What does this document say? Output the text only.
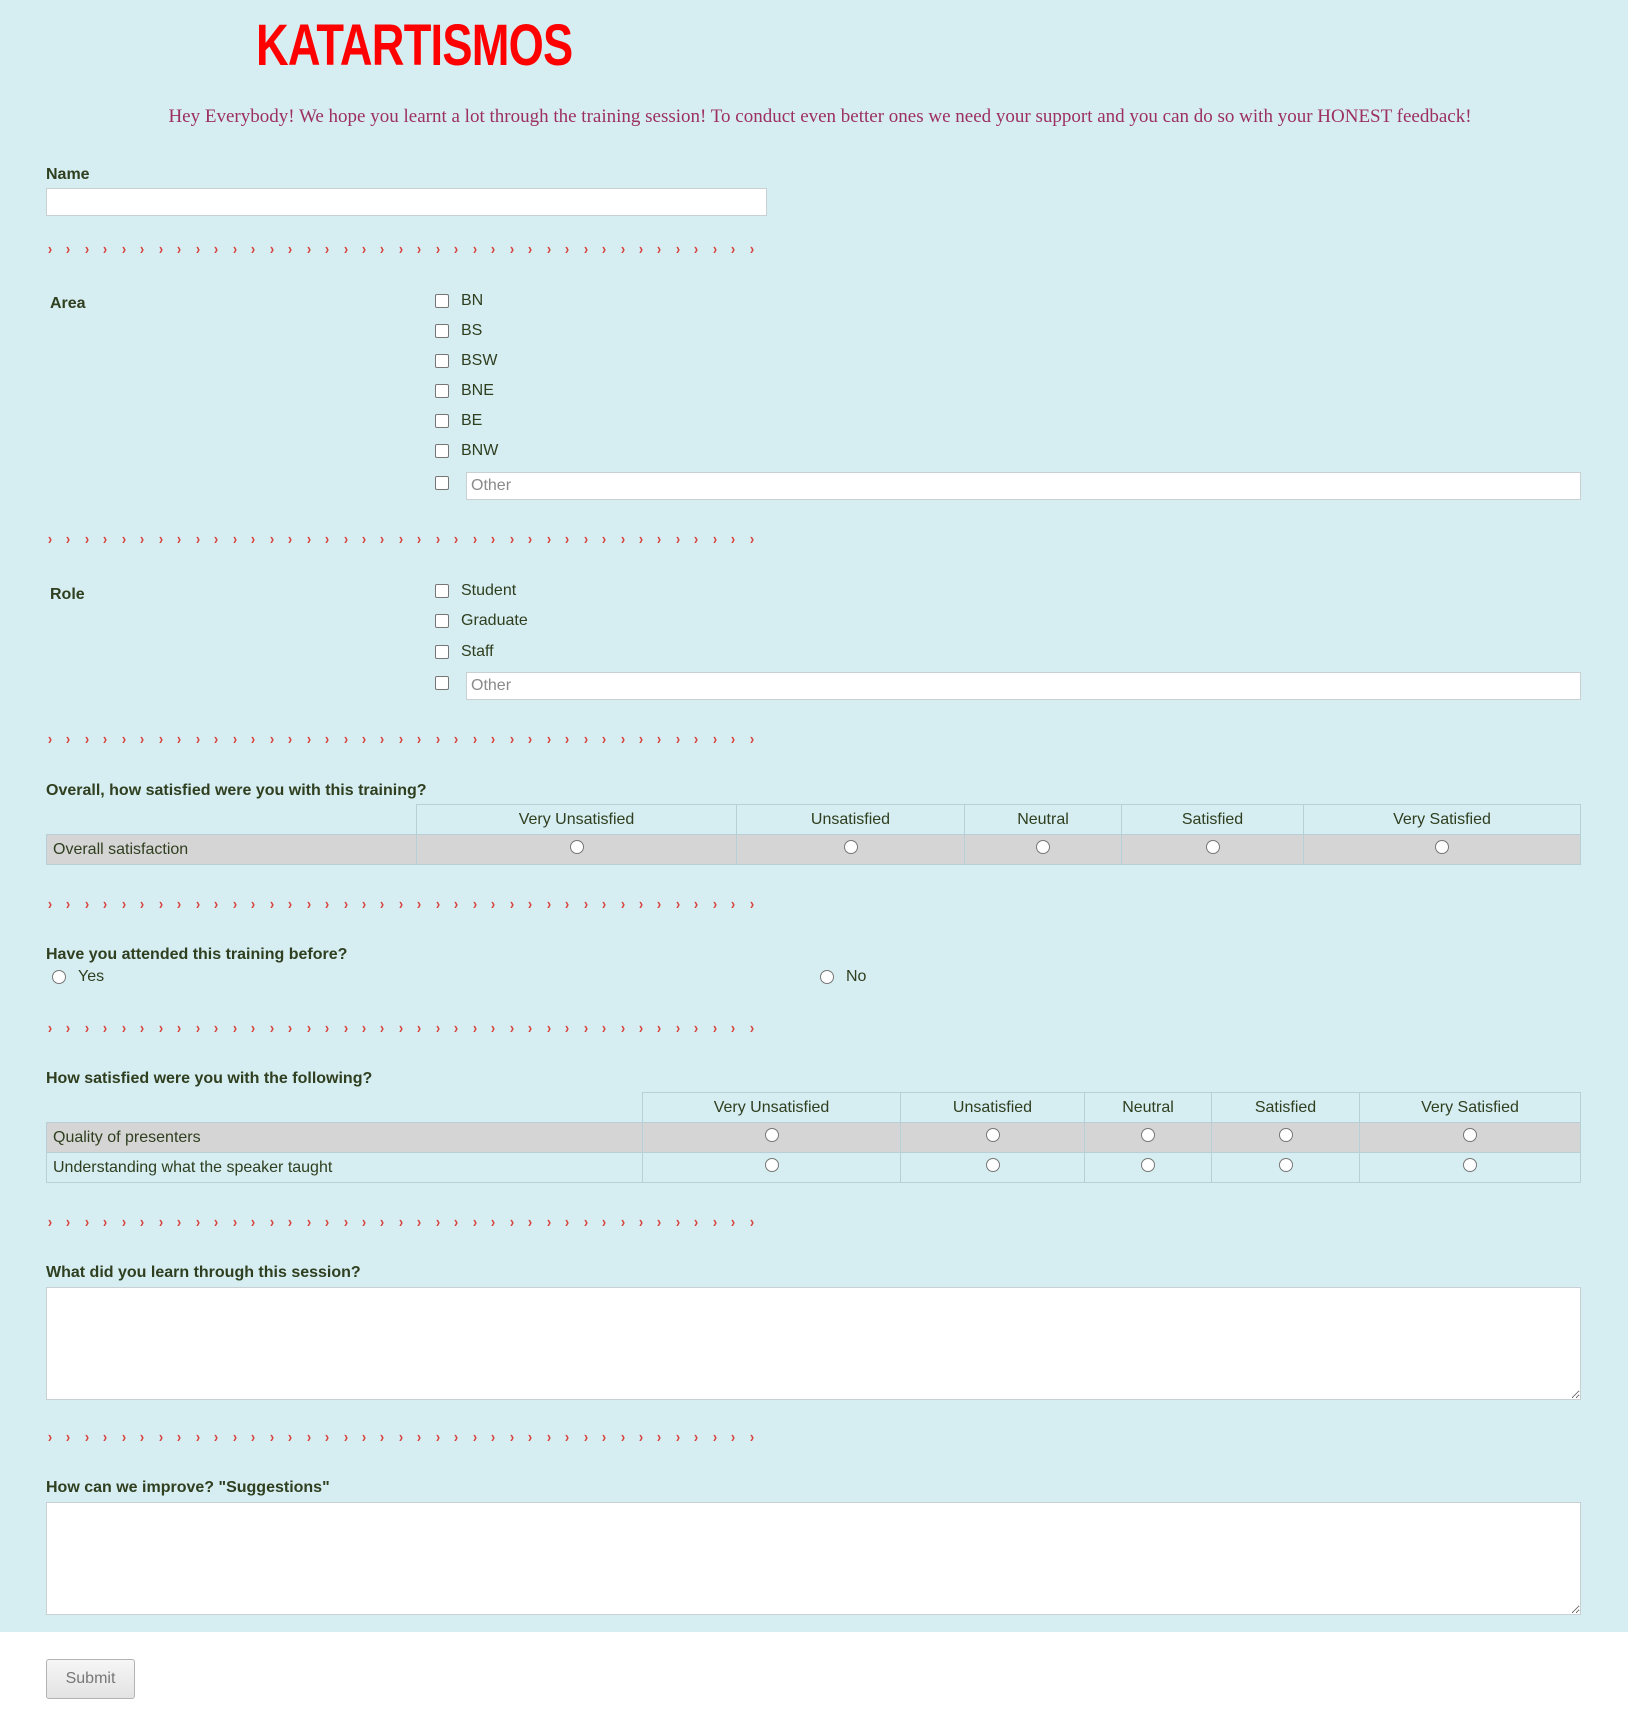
KATARTISMOS
Hey Everybody! We hope you learnt a lot through the training session! To conduct even better ones we need your support and you can do so with your HONEST feedback!
Name
› › › › › › › › › › › › › › › › › › › › › › › › › › › › › › › › › › › › › › ›
Area	BN
BS
BSW
BNE
BE
BNW
Other
› › › › › › › › › › › › › › › › › › › › › › › › › › › › › › › › › › › › › › ›
Role	Student
Graduate
Staff
Other
› › › › › › › › › › › › › › › › › › › › › › › › › › › › › › › › › › › › › › ›
Overall, how satisfied were you with this training?
	Very Unsatisfied	Unsatisfied	Neutral	Satisfied	Very Satisfied
Overall satisfaction					
› › › › › › › › › › › › › › › › › › › › › › › › › › › › › › › › › › › › › › ›
Have you attended this training before?
Yes	No
› › › › › › › › › › › › › › › › › › › › › › › › › › › › › › › › › › › › › › ›
How satisfied were you with the following?
	Very Unsatisfied	Unsatisfied	Neutral	Satisfied	Very Satisfied
Quality of presenters					
Understanding what the speaker taught					
› › › › › › › › › › › › › › › › › › › › › › › › › › › › › › › › › › › › › › ›
What did you learn through this session?
› › › › › › › › › › › › › › › › › › › › › › › › › › › › › › › › › › › › › › ›
How can we improve? "Suggestions"
Submit
